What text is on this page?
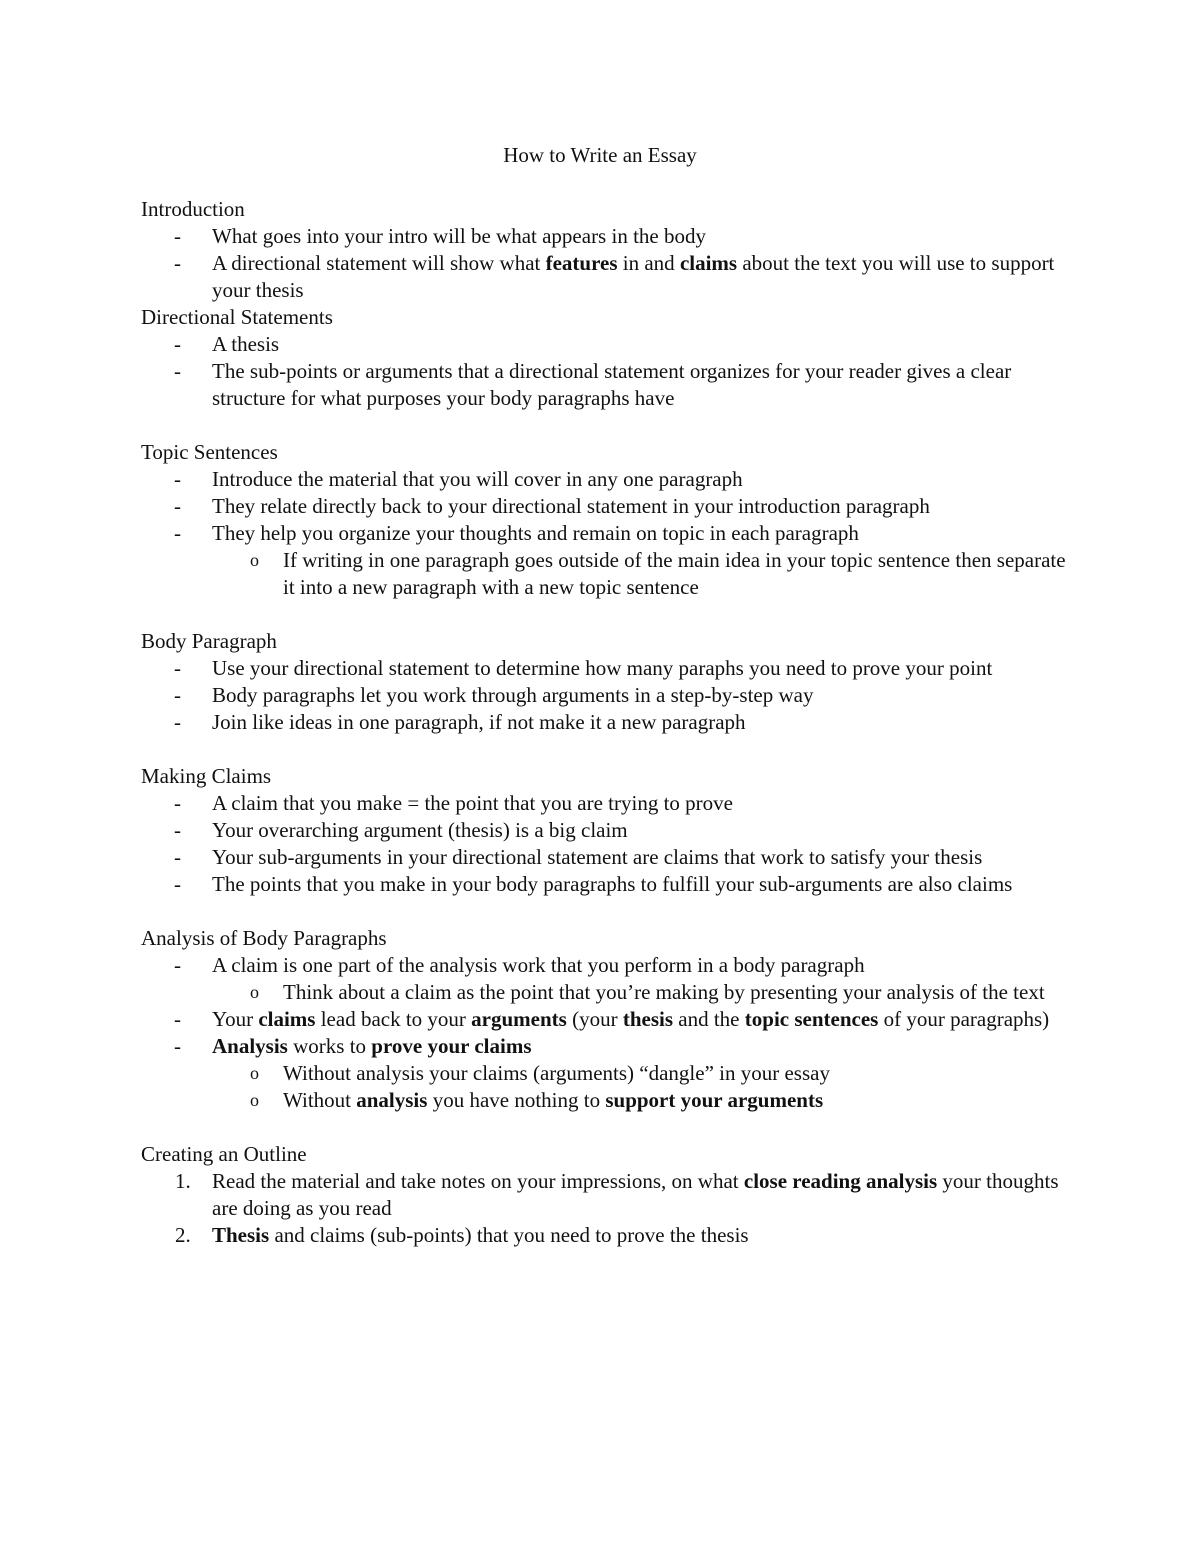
How to Write an Essay
Introduction
- What goes into your intro will be what appears in the body
- A directional statement will show what features in and claims about the text you will use to support your thesis
Directional Statements
- A thesis
- The sub-points or arguments that a directional statement organizes for your reader gives a clear structure for what purposes your body paragraphs have
Topic Sentences
- Introduce the material that you will cover in any one paragraph
- They relate directly back to your directional statement in your introduction paragraph
- They help you organize your thoughts and remain on topic in each paragraph
o If writing in one paragraph goes outside of the main idea in your topic sentence then separate it into a new paragraph with a new topic sentence
Body Paragraph
- Use your directional statement to determine how many paraphs you need to prove your point
- Body paragraphs let you work through arguments in a step-by-step way
- Join like ideas in one paragraph, if not make it a new paragraph
Making Claims
- A claim that you make = the point that you are trying to prove
- Your overarching argument (thesis) is a big claim
- Your sub-arguments in your directional statement are claims that work to satisfy your thesis
- The points that you make in your body paragraphs to fulfill your sub-arguments are also claims
Analysis of Body Paragraphs
- A claim is one part of the analysis work that you perform in a body paragraph
o Think about a claim as the point that you’re making by presenting your analysis of the text
- Your claims lead back to your arguments (your thesis and the topic sentences of your paragraphs)
- Analysis works to prove your claims
o Without analysis your claims (arguments) “dangle” in your essay
o Without analysis you have nothing to support your arguments
Creating an Outline
1. Read the material and take notes on your impressions, on what close reading analysis your thoughts are doing as you read
2. Thesis and claims (sub-points) that you need to prove the thesis
